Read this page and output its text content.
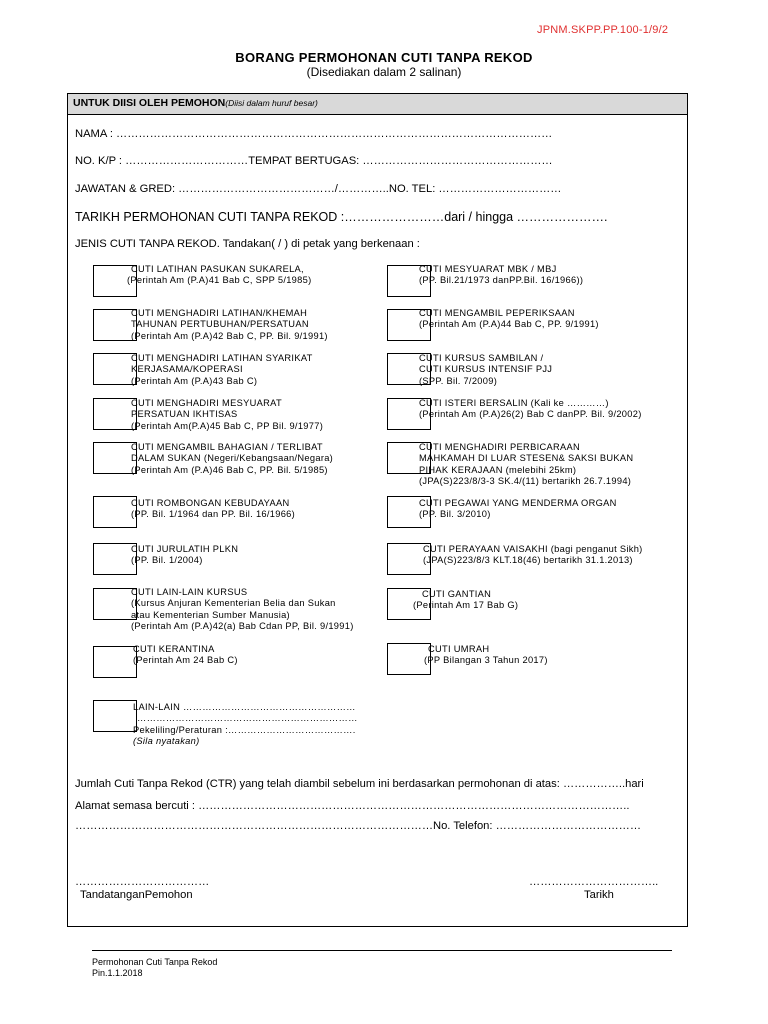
JPNM.SKPP.PP.100-1/9/2
BORANG PERMOHONAN CUTI TANPA REKOD
(Disediakan dalam 2 salinan)
UNTUK DIISI OLEH PEMOHON(Diisi dalam huruf besar)
NAMA : ………………………………………………………………………………………………………
NO. K/P : ……………………………TEMPAT BERTUGAS: ……………………………………………
JAWATAN & GRED: ……………………………………/…………..NO. TEL: ……………………………
TARIKH PERMOHONAN CUTI TANPA REKOD :……………………dari / hingga ………………….
JENIS CUTI TANPA REKOD. Tandakan( / ) di petak yang berkenaan :
CUTI LATIHAN PASUKAN SUKARELA,
(Perintah Am (P.A)41 Bab C, SPP 5/1985)
CUTI MENGHADIRI LATIHAN/KHEMAH
TAHUNAN PERTUBUHAN/PERSATUAN
(Perintah Am (P.A)42 Bab C, PP. Bil. 9/1991)
CUTI MENGHADIRI LATIHAN SYARIKAT
KERJASAMA/KOPERASI
(Perintah Am (P.A)43 Bab C)
CUTI MENGHADIRI MESYUARAT
PERSATUAN IKHTISAS
(Perintah Am(P.A)45 Bab C, PP Bil. 9/1977)
CUTI MENGAMBIL BAHAGIAN / TERLIBAT
DALAM SUKAN (Negeri/Kebangsaan/Negara)
(Perintah Am (P.A)46 Bab C, PP. Bil. 5/1985)
CUTI ROMBONGAN KEBUDAYAAN
(PP. Bil. 1/1964 dan PP. Bil. 16/1966)
CUTI JURULATIH PLKN
(PP. Bil. 1/2004)
CUTI LAIN-LAIN KURSUS
(Kursus Anjuran Kementerian Belia dan Sukan
atau Kementerian Sumber Manusia)
(Perintah Am (P.A)42(a) Bab Cdan PP, Bil. 9/1991)
CUTI KERANTINA
(Perintah Am 24 Bab C)
CUTI MESYUARAT MBK / MBJ
(PP. Bil.21/1973 danPP.Bil. 16/1966))
CUTI MENGAMBIL PEPERIKSAAN
(Perintah Am (P.A)44 Bab C, PP. 9/1991)
CUTI KURSUS SAMBILAN /
CUTI KURSUS INTENSIF PJJ
(SPP. Bil. 7/2009)
CUTI ISTERI BERSALIN (Kali ke …………)
(Perintah Am (P.A)26(2) Bab C danPP. Bil. 9/2002)
CUTI MENGHADIRI PERBICARAAN
MAHKAMAH DI LUAR STESEN& SAKSI BUKAN
PIHAK KERAJAAN (melebihi 25km)
(JPA(S)223/8/3-3 SK.4/(11) bertarikh 26.7.1994)
CUTI PEGAWAI YANG MENDERMA ORGAN
(PP. Bil. 3/2010)
CUTI PERAYAAN VAISAKHI (bagi penganut Sikh)
(JPA(S)223/8/3 KLT.18(46) bertarikh 31.1.2013)
CUTI GANTIAN
(Perintah Am 17 Bab G)
CUTI UMRAH
(PP Bilangan 3 Tahun 2017)
LAIN-LAIN ………………………………………………
……………………………………………………………
Pekeliling/Peraturan :………………………………….
(Sila nyatakan)
Jumlah Cuti Tanpa Rekod (CTR) yang telah diambil sebelum ini berdasarkan permohonan di atas: ……………..hari
Alamat semasa bercuti : ……………………………………………………………………………………………………..
……………………………………………………………………………………No. Telefon: …………………………………
………………………………
TandatanganPemohon
……………………………..
Tarikh
Permohonan Cuti Tanpa Rekod
Pin.1.1.2018
